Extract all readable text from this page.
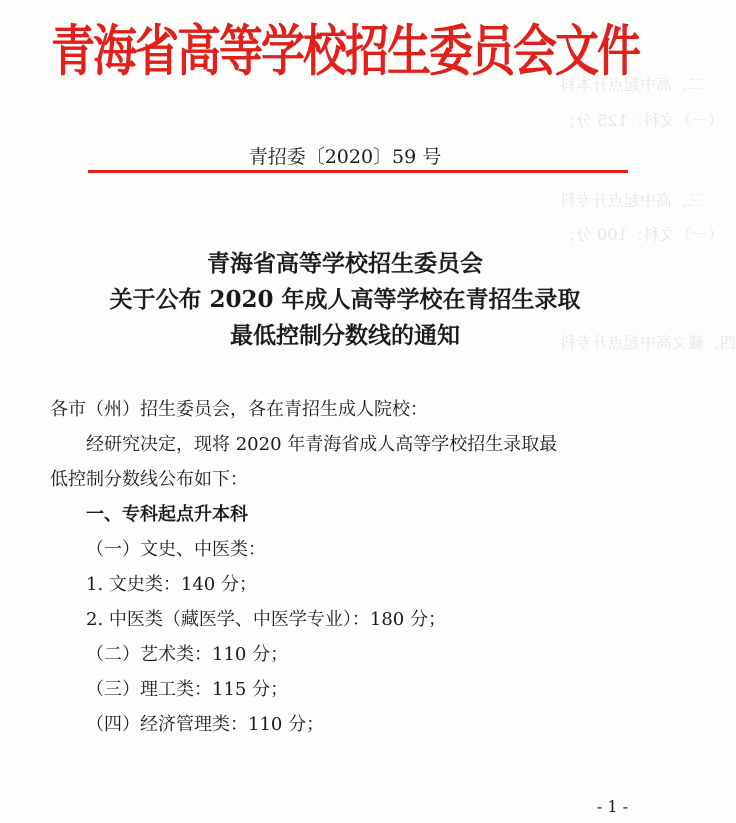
二、高中起点升本科
（一）文科：125 分；
三、高中起点升专科
（一）文科：100 分；
四、藏文高中起点升专科
青海省高等学校招生委员会文件
青招委〔2020〕59 号
青海省高等学校招生委员会
关于公布 2020 年成人高等学校在青招生录取
最低控制分数线的通知
各市（州）招生委员会，各在青招生成人院校：
经研究决定，现将 2020 年青海省成人高等学校招生录取最
低控制分数线公布如下：
一、专科起点升本科
（一）文史、中医类：
1. 文史类：140 分；
2. 中医类（藏医学、中医学专业）：180 分；
（二）艺术类：110 分；
（三）理工类：115 分；
（四）经济管理类：110 分；
- 1 -
